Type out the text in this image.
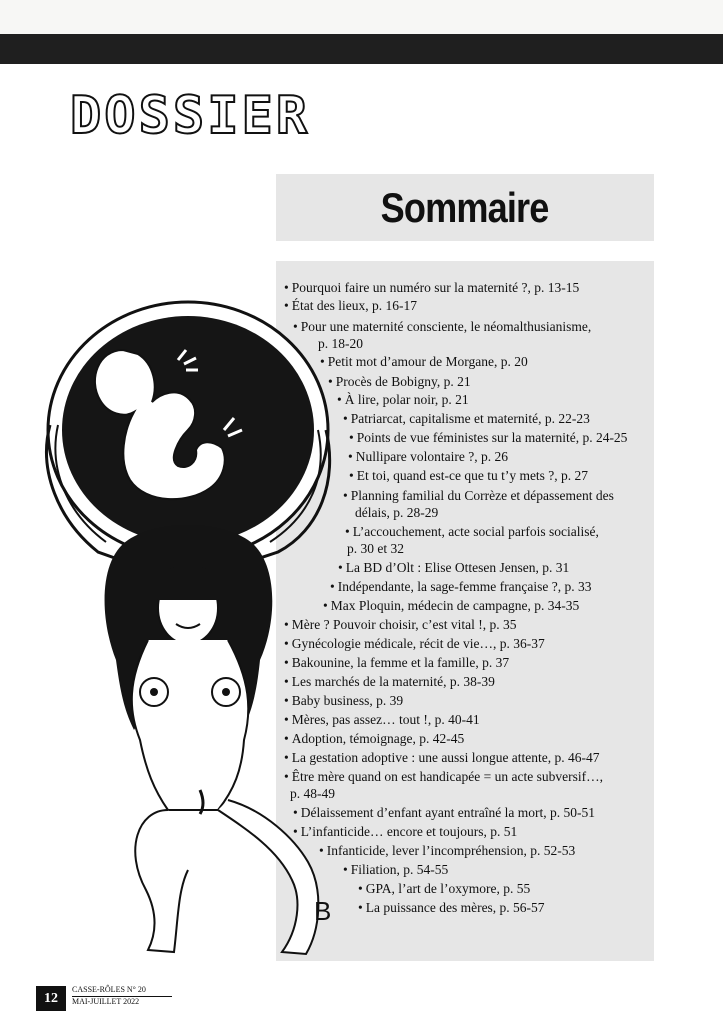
DOSSIER
Sommaire
B
• Pourquoi faire un numéro sur la maternité ?, p. 13-15
• État des lieux, p. 16-17
• Pour une maternité consciente, le néomalthusianisme,
p. 18-20
• Petit mot d’amour de Morgane, p. 20
• Procès de Bobigny, p. 21
• À lire, polar noir, p. 21
• Patriarcat, capitalisme et maternité, p. 22-23
• Points de vue féministes sur la maternité, p. 24-25
• Nullipare volontaire ?, p. 26
• Et toi, quand est-ce que tu t’y mets ?, p. 27
• Planning familial du Corrèze et dépassement des
délais, p. 28-29
• L’accouchement, acte social parfois socialisé,
p. 30 et 32
• La BD d’Olt : Elise Ottesen Jensen, p. 31
• Indépendante, la sage-femme française ?, p. 33
• Max Ploquin, médecin de campagne, p. 34-35
• Mère ? Pouvoir choisir, c’est vital !, p. 35
• Gynécologie médicale, récit de vie…, p. 36-37
• Bakounine, la femme et la famille, p. 37
• Les marchés de la maternité, p. 38-39
• Baby business, p. 39
• Mères, pas assez… tout !, p. 40-41
• Adoption, témoignage, p. 42-45
• La gestation adoptive : une aussi longue attente, p. 46-47
• Être mère quand on est handicapée = un acte subversif…,
p. 48-49
• Délaissement d’enfant ayant entraîné la mort, p. 50-51
• L’infanticide… encore et toujours, p. 51
• Infanticide, lever l’incompréhension, p. 52-53
• Filiation, p. 54-55
• GPA, l’art de l’oxymore, p. 55
• La puissance des mères, p. 56-57
12
CASSE-RÔLES N° 20
MAI-JUILLET 2022
